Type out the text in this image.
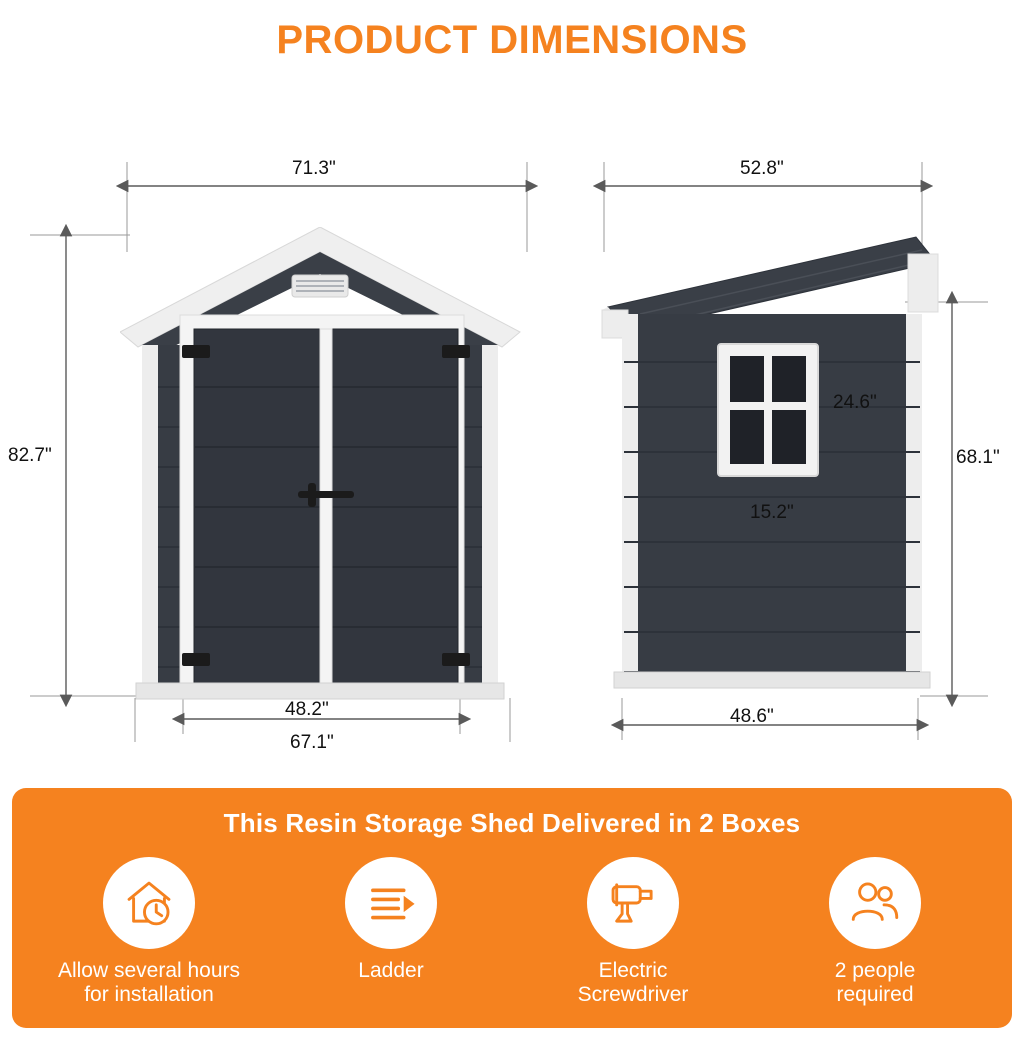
PRODUCT DIMENSIONS
71.3"
82.7"
48.2"
67.1"
52.8"
68.1"
24.6"
15.2"
48.6"
This Resin Storage Shed Delivered in 2 Boxes
Allow several hours
for installation
Ladder	Electric
Screwdriver
2 people
required
